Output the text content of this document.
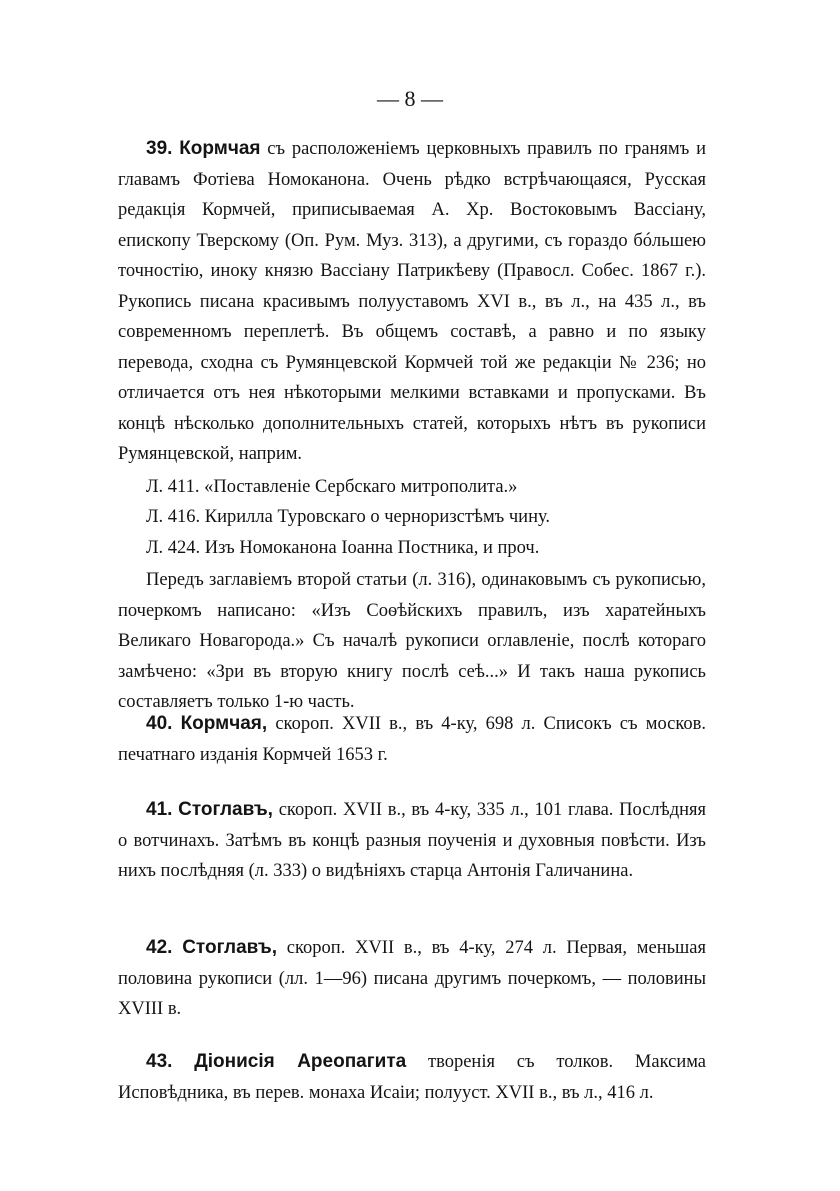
— 8 —

39. Кормчая съ расположеніемъ церковныхъ правилъ по гранямъ и главамъ Фотіева Номоканона. Очень рѣдко встрѣчающаяся, Русская редакція Кормчей, приписываемая А. Хр. Востоковымъ Вассіану, епископу Тверскому (Оп. Рум. Муз. 313), а другими, съ гораздо бóльшею точностію, иноку князю Вассіану Патрикѣеву (Правосл. Собес. 1867 г.). Рукопись писана красивымъ полууставомъ XVI в., въ л., на 435 л., въ современномъ переплетѣ. Въ общемъ составѣ, а равно и по языку перевода, сходна съ Румянцевской Кормчей той же редакціи № 236; но отличается отъ нея нѣкоторыми мелкими вставками и пропусками. Въ концѣ нѣсколько дополнительныхъ статей, которыхъ нѣтъ въ рукописи Румянцевской, наприм.

Л. 411. «Поставленіе Сербскаго митрополита.»

Л. 416. Кирилла Туровскаго о черноризстѣмъ чину.

Л. 424. Изъ Номоканона Іоанна Постника, и проч.

Передъ заглавіемъ второй статьи (л. 316), одинаковымъ съ рукописью, почеркомъ написано: «Изъ Соѳѣйскихъ правилъ, изъ харатейныхъ Великаго Новагорода.» Съ началѣ рукописи оглавленіе, послѣ котораго замѣчено: «Зри въ вторую книгу послѣ сеѣ...» И такъ наша рукопись составляетъ только 1-ю часть.

40. Кормчая, скороп. XVII в., въ 4-ку, 698 л. Списокъ съ москов. печатнаго изданія Кормчей 1653 г.

41. Стоглавъ, скороп. XVII в., въ 4-ку, 335 л., 101 глава. Послѣдняя о вотчинахъ. Затѣмъ въ концѣ разныя поученія и духовныя повѣсти. Изъ нихъ послѣдняя (л. 333) о видѣніяхъ старца Антонія Галичанина.

42. Стоглавъ, скороп. XVII в., въ 4-ку, 274 л. Первая, меньшая половина рукописи (лл. 1—96) писана другимъ почеркомъ, — половины XVIII в.

43. Діонисія Ареопагита творенія съ толков. Максима Исповѣдника, въ перев. монаха Исаіи; полууст. XVII в., въ л., 416 л.
